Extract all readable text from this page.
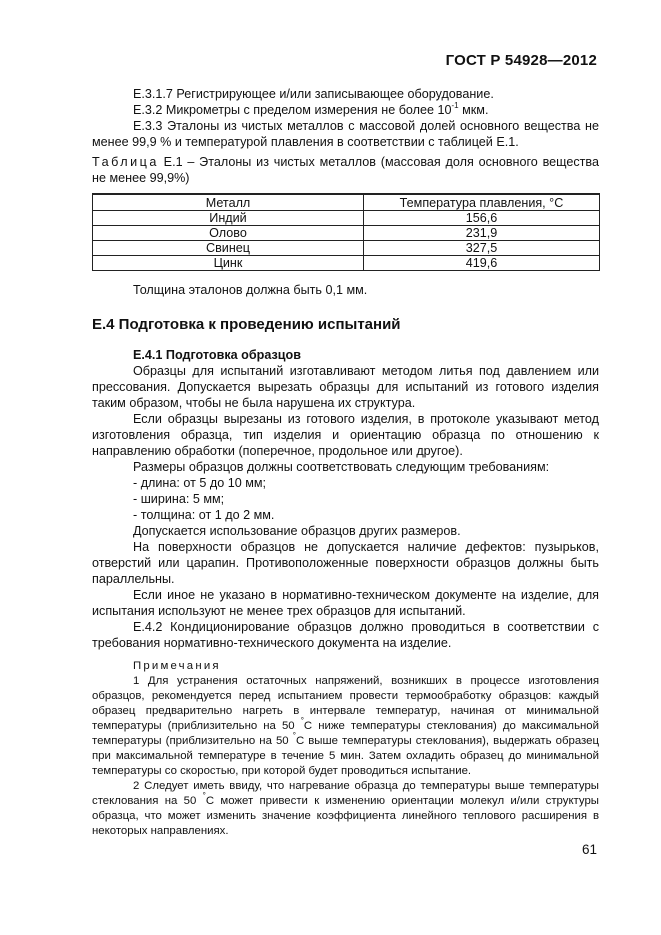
ГОСТ Р 54928—2012

Е.3.1.7 Регистрирующее и/или записывающее оборудование.

Е.3.2 Микрометры с пределом измерения не более $10^{-1}$ мкм.

Е.3.3 Эталоны из чистых металлов с массовой долей основного вещества не менее 99,9 % и температурой плавления в соответствии с таблицей Е.1.

Таблица Е.1 – Эталоны из чистых металлов (массовая доля основного вещества не менее 99,9%)

Металл	Температура плавления, °С
Индий	156,6
Олово	231,9
Свинец	327,5
Цинк	419,6

Толщина эталонов должна быть 0,1 мм.

Е.4 Подготовка к проведению испытаний

Е.4.1 Подготовка образцов

Образцы для испытаний изготавливают методом литья под давлением или прессования. Допускается вырезать образцы для испытаний из готового изделия таким образом, чтобы не была нарушена их структура.

Если образцы вырезаны из готового изделия, в протоколе указывают метод изготовления образца, тип изделия и ориентацию образца по отношению к направлению обработки (поперечное, продольное или другое).

Размеры образцов должны соответствовать следующим требованиям:

- длина: от 5 до 10 мм;

- ширина: 5 мм;

- толщина: от 1 до 2 мм.

Допускается использование образцов других размеров.

На поверхности образцов не допускается наличие дефектов: пузырьков, отверстий или царапин. Противоположенные поверхности образцов должны быть параллельны.

Если иное не указано в нормативно-техническом документе на изделие, для испытания используют не менее трех образцов для испытаний.

Е.4.2 Кондиционирование образцов должно проводиться в соответствии с требования нормативно-технического документа на изделие.

Примечания

1 Для устранения остаточных напряжений, возникших в процессе изготовления образцов, рекомендуется перед испытанием провести термообработку образцов: каждый образец предварительно нагреть в интервале температур, начиная от минимальной температуры (приблизительно на 50 °С ниже температуры стеклования) до максимальной температуры (приблизительно на 50 °С выше температуры стеклования), выдержать образец при максимальной температуре в течение 5 мин. Затем охладить образец до минимальной температуры со скоростью, при которой будет проводиться испытание.

2 Следует иметь ввиду, что нагревание образца до температуры выше температуры стеклования на 50 °С может привести к изменению ориентации молекул и/или структуры образца, что может изменить значение коэффициента линейного теплового расширения в некоторых направлениях.

61
